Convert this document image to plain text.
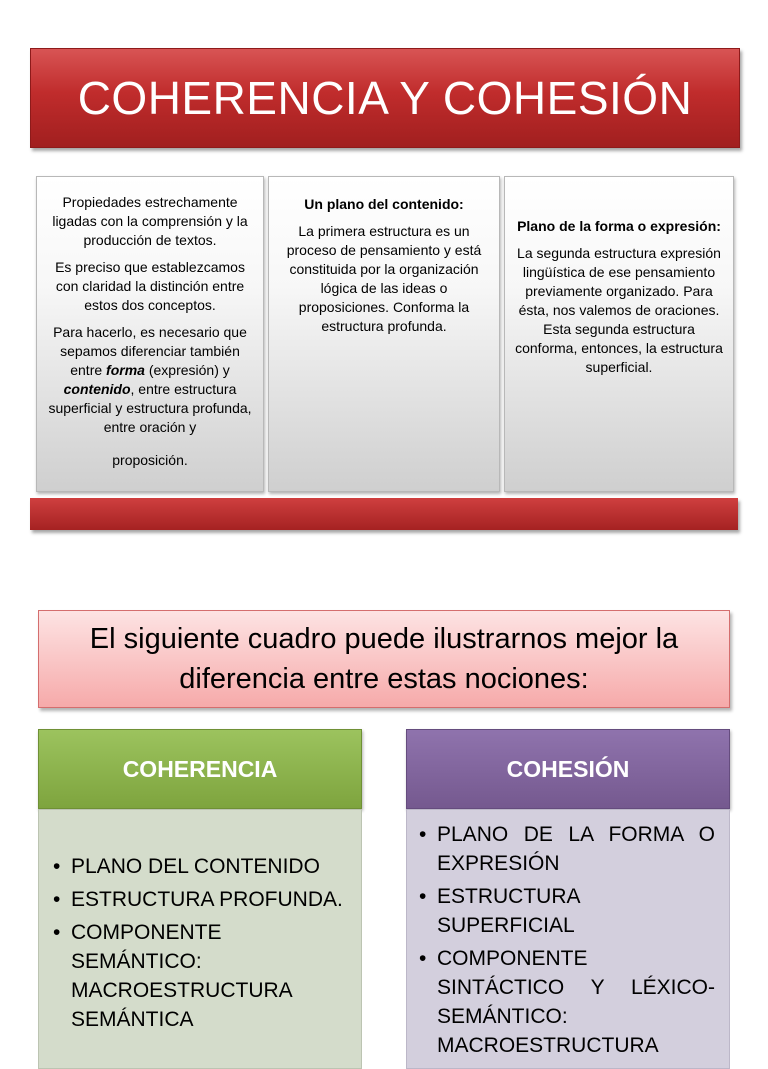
COHERENCIA Y COHESIÓN

Propiedades estrechamente ligadas con la comprensión y la producción de textos.

Es preciso que establezcamos con claridad la distinción entre estos dos conceptos.

Para hacerlo, es necesario que sepamos diferenciar también entre forma (expresión) y contenido, entre estructura superficial y estructura profunda, entre oración y

proposición.

Un plano del contenido:

La primera estructura es un proceso de pensamiento y está constituida por la organización lógica de las ideas o proposiciones. Conforma la estructura profunda.

Plano de la forma o expresión:

La segunda estructura expresión lingüística de ese pensamiento previamente organizado. Para ésta, nos valemos de oraciones. Esta segunda estructura conforma, entonces, la estructura superficial.

El siguiente cuadro puede ilustrarnos mejor la diferencia entre estas nociones:
COHERENCIA
• PLANO DEL CONTENIDO
• ESTRUCTURA PROFUNDA.
• COMPONENTE SEMÁNTICO: MACROESTRUCTURA SEMÁNTICA
COHESIÓN
• PLANO DE LA FORMA O EXPRESIÓN
• ESTRUCTURA SUPERFICIAL
• COMPONENTE SINTÁCTICO Y LÉXICO-SEMÁNTICO: MACROESTRUCTURA
